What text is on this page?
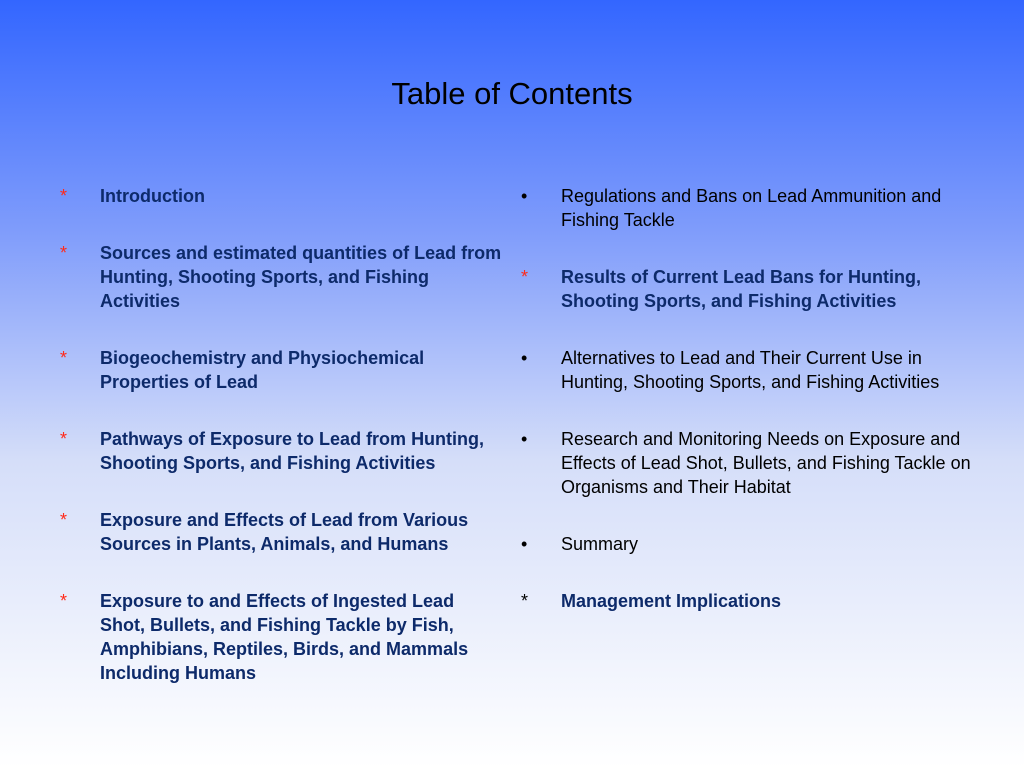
Table of Contents
*	Introduction
*	Sources and estimated quantities of Lead from Hunting, Shooting Sports, and Fishing Activities
*	Biogeochemistry and Physiochemical Properties of Lead
*	Pathways of Exposure to Lead from Hunting, Shooting Sports, and Fishing Activities
*	Exposure and Effects of Lead from Various Sources in Plants, Animals, and Humans
*	Exposure to and Effects of Ingested Lead Shot, Bullets, and Fishing Tackle by Fish, Amphibians, Reptiles, Birds, and Mammals Including Humans
•	Regulations and Bans on Lead Ammunition and Fishing Tackle
*	Results of Current Lead Bans for Hunting, Shooting Sports, and Fishing Activities
•	Alternatives to Lead and Their Current Use in Hunting, Shooting Sports, and Fishing Activities
•	Research and Monitoring Needs on Exposure and Effects of Lead Shot, Bullets, and Fishing Tackle on Organisms and Their Habitat
•	Summary
*	Management Implications
